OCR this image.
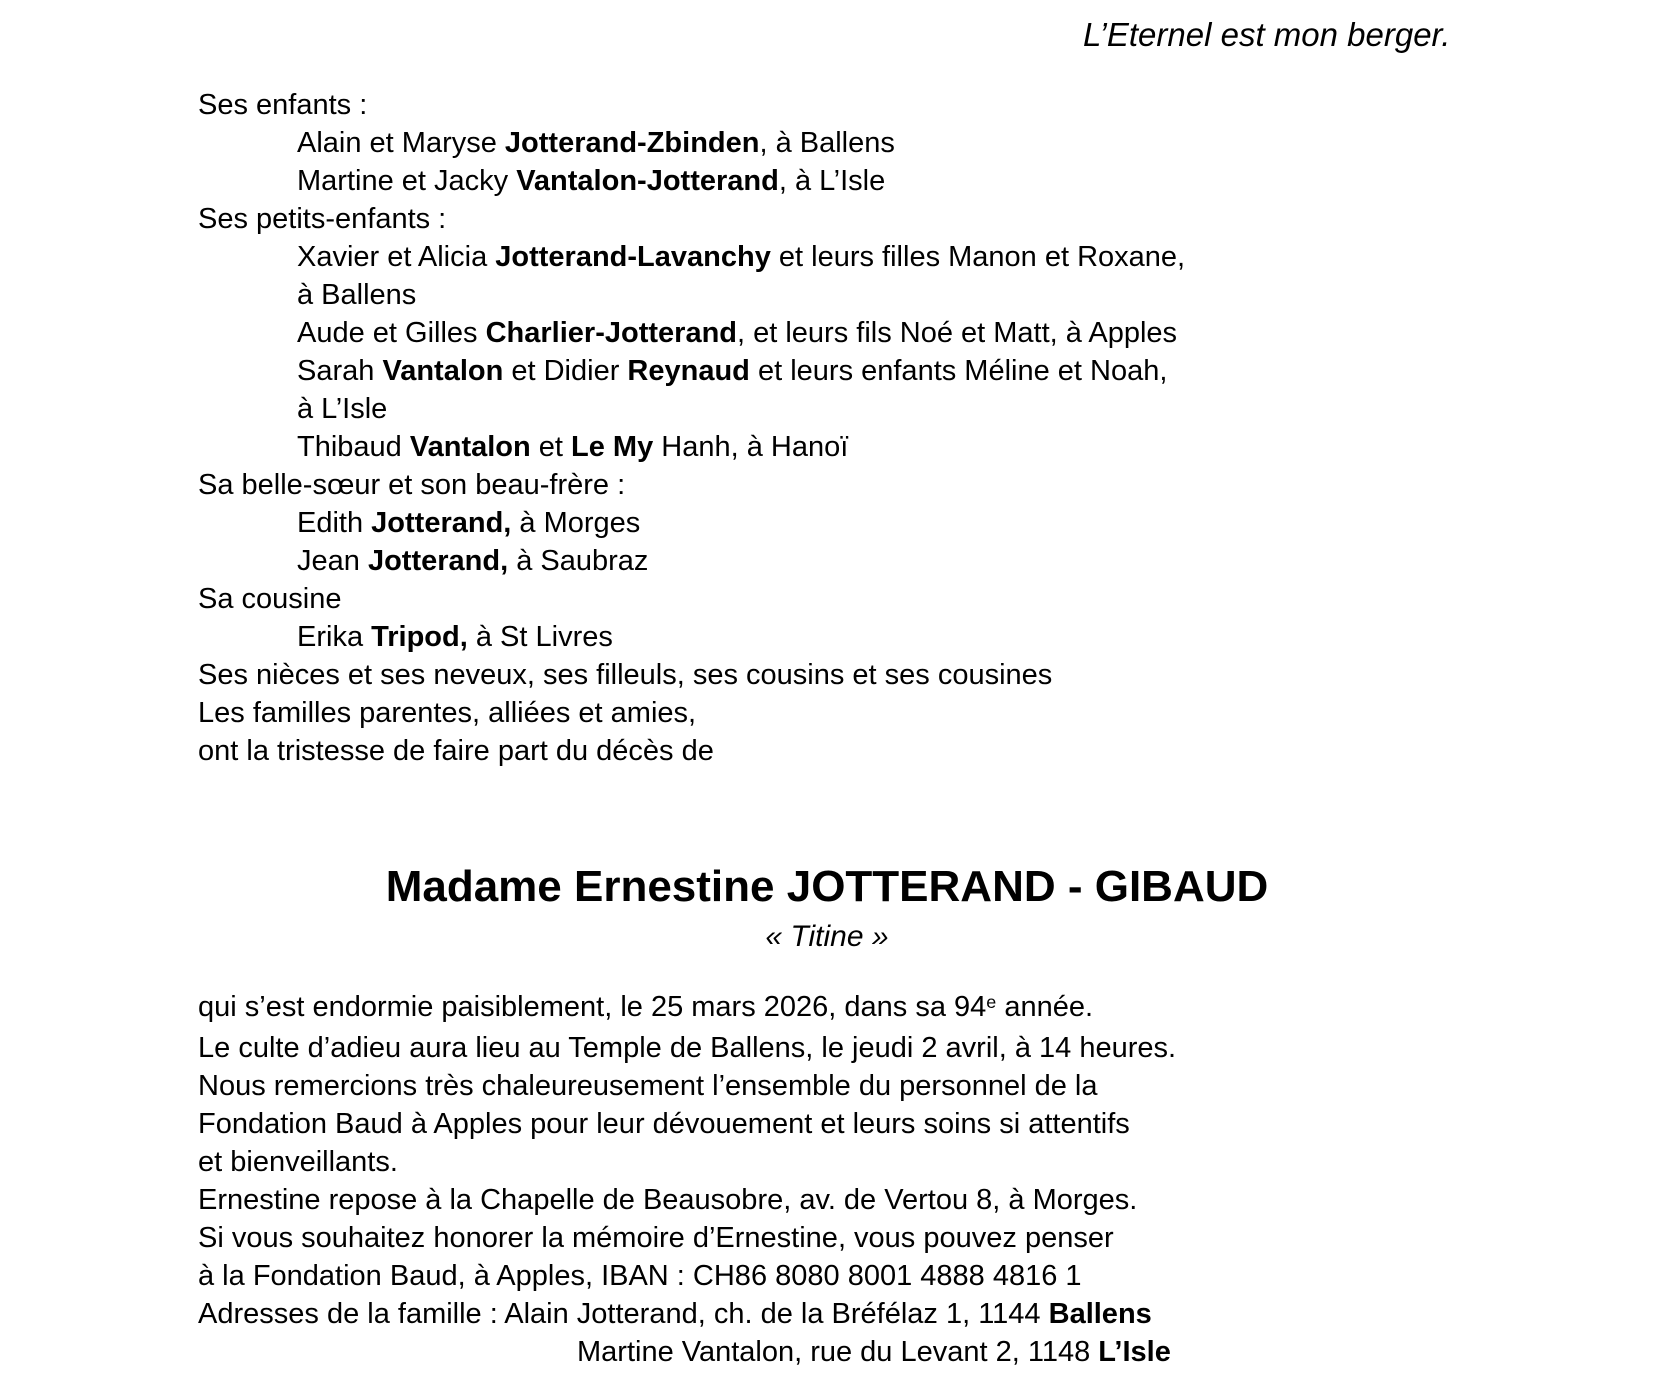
L’Eternel est mon berger.
Ses enfants :
Alain et Maryse Jotterand-Zbinden, à Ballens
Martine et Jacky Vantalon-Jotterand, à L’Isle
Ses petits-enfants :
Xavier et Alicia Jotterand-Lavanchy et leurs filles Manon et Roxane,
à Ballens
Aude et Gilles Charlier-Jotterand, et leurs fils Noé et Matt, à Apples
Sarah Vantalon et Didier Reynaud et leurs enfants Méline et Noah,
à L’Isle
Thibaud Vantalon et Le My Hanh, à Hanoï
Sa belle-sœur et son beau-frère :
Edith Jotterand, à Morges
Jean Jotterand, à Saubraz
Sa cousine
Erika Tripod, à St Livres
Ses nièces et ses neveux, ses filleuls, ses cousins et ses cousines
Les familles parentes, alliées et amies,
ont la tristesse de faire part du décès de
Madame Ernestine JOTTERAND - GIBAUD
« Titine »
qui s’est endormie paisiblement, le 25 mars 2026, dans sa 94e année.
Le culte d’adieu aura lieu au Temple de Ballens, le jeudi 2 avril, à 14 heures.
Nous remercions très chaleureusement l’ensemble du personnel de la
Fondation Baud à Apples pour leur dévouement et leurs soins si attentifs
et bienveillants.
Ernestine repose à la Chapelle de Beausobre, av. de Vertou 8, à Morges.
Si vous souhaitez honorer la mémoire d’Ernestine, vous pouvez penser
à la Fondation Baud, à Apples, IBAN : CH86 8080 8001 4888 4816 1
Adresses de la famille : Alain Jotterand, ch. de la Bréfélaz 1, 1144 Ballens
Martine Vantalon, rue du Levant 2, 1148 L’Isle
